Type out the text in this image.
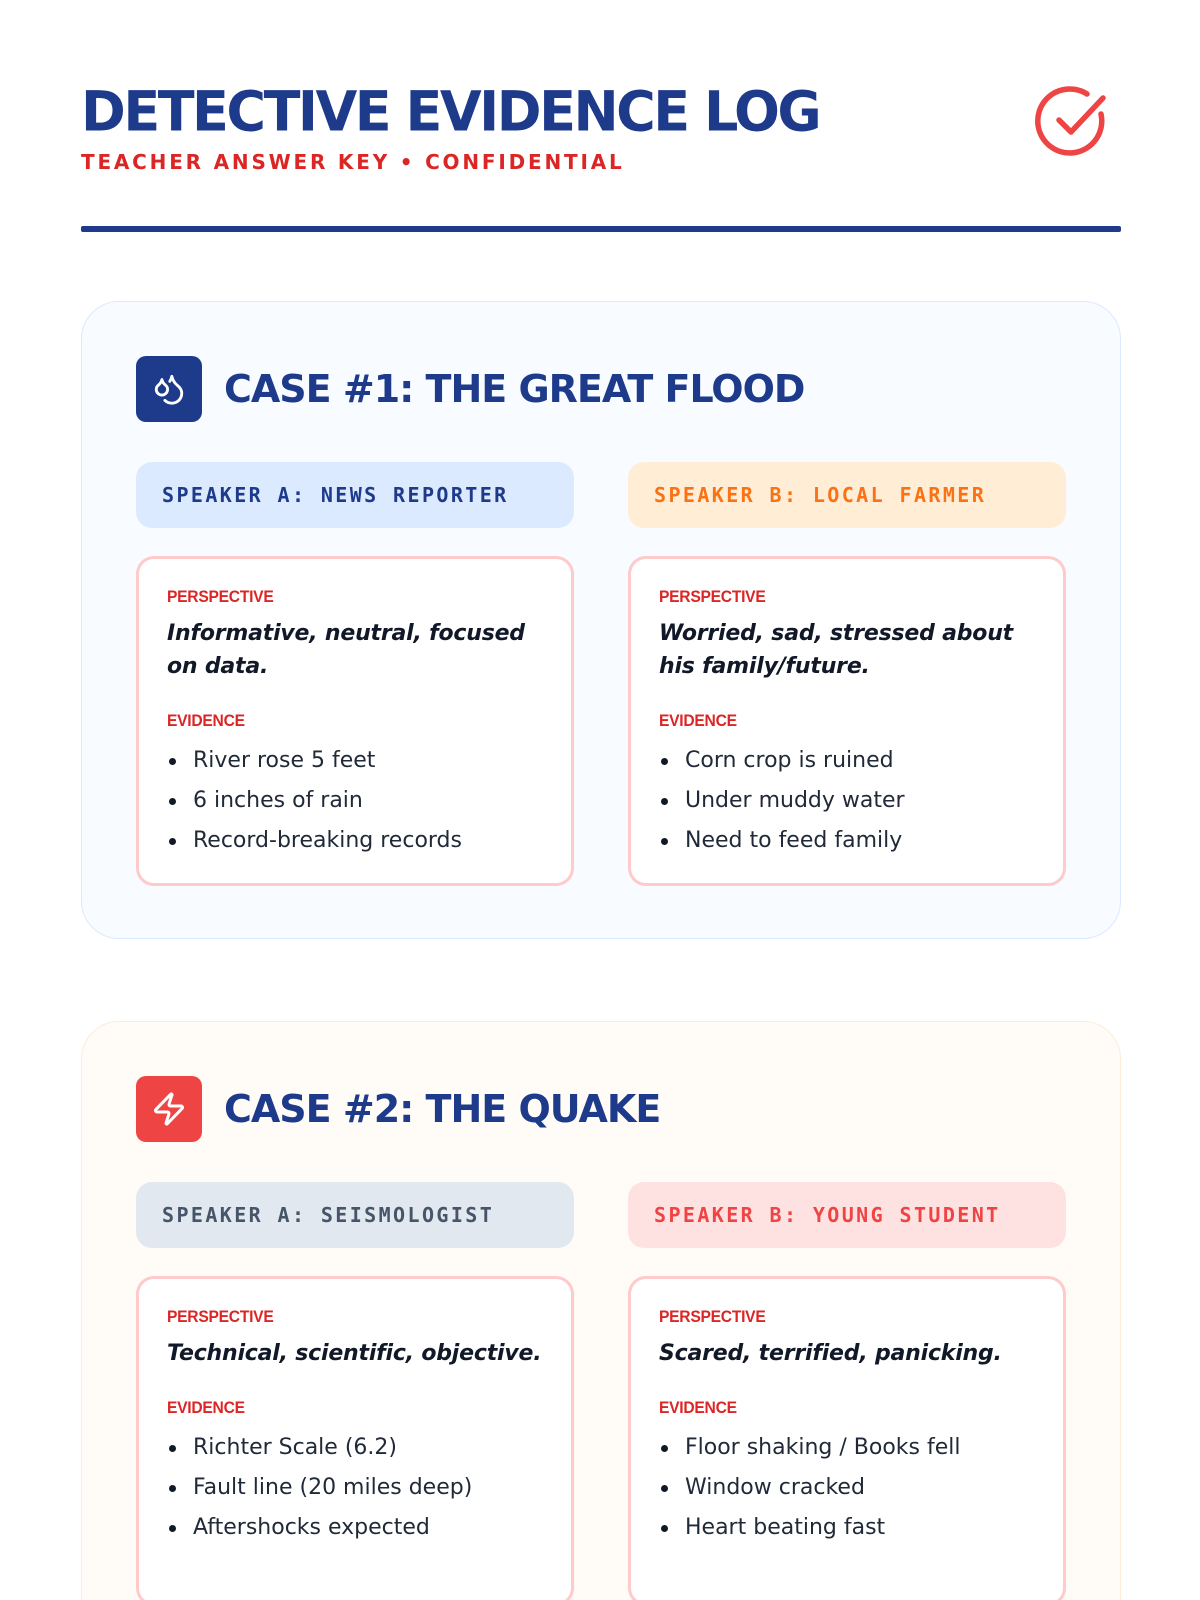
DETECTIVE EVIDENCE LOG
TEACHER ANSWER KEY • CONFIDENTIAL
CASE #1: THE GREAT FLOOD
SPEAKER A: NEWS REPORTER	SPEAKER B: LOCAL FARMER
PERSPECTIVE
Informative, neutral, focused on data.
EVIDENCE
River rose 5 feet
6 inches of rain
Record-breaking records
PERSPECTIVE
Worried, sad, stressed about his family/future.
EVIDENCE
Corn crop is ruined
Under muddy water
Need to feed family
CASE #2: THE QUAKE
SPEAKER A: SEISMOLOGIST	SPEAKER B: YOUNG STUDENT
PERSPECTIVE
Technical, scientific, objective.
EVIDENCE
Richter Scale (6.2)
Fault line (20 miles deep)
Aftershocks expected
PERSPECTIVE
Scared, terrified, panicking.
EVIDENCE
Floor shaking / Books fell
Window cracked
Heart beating fast
